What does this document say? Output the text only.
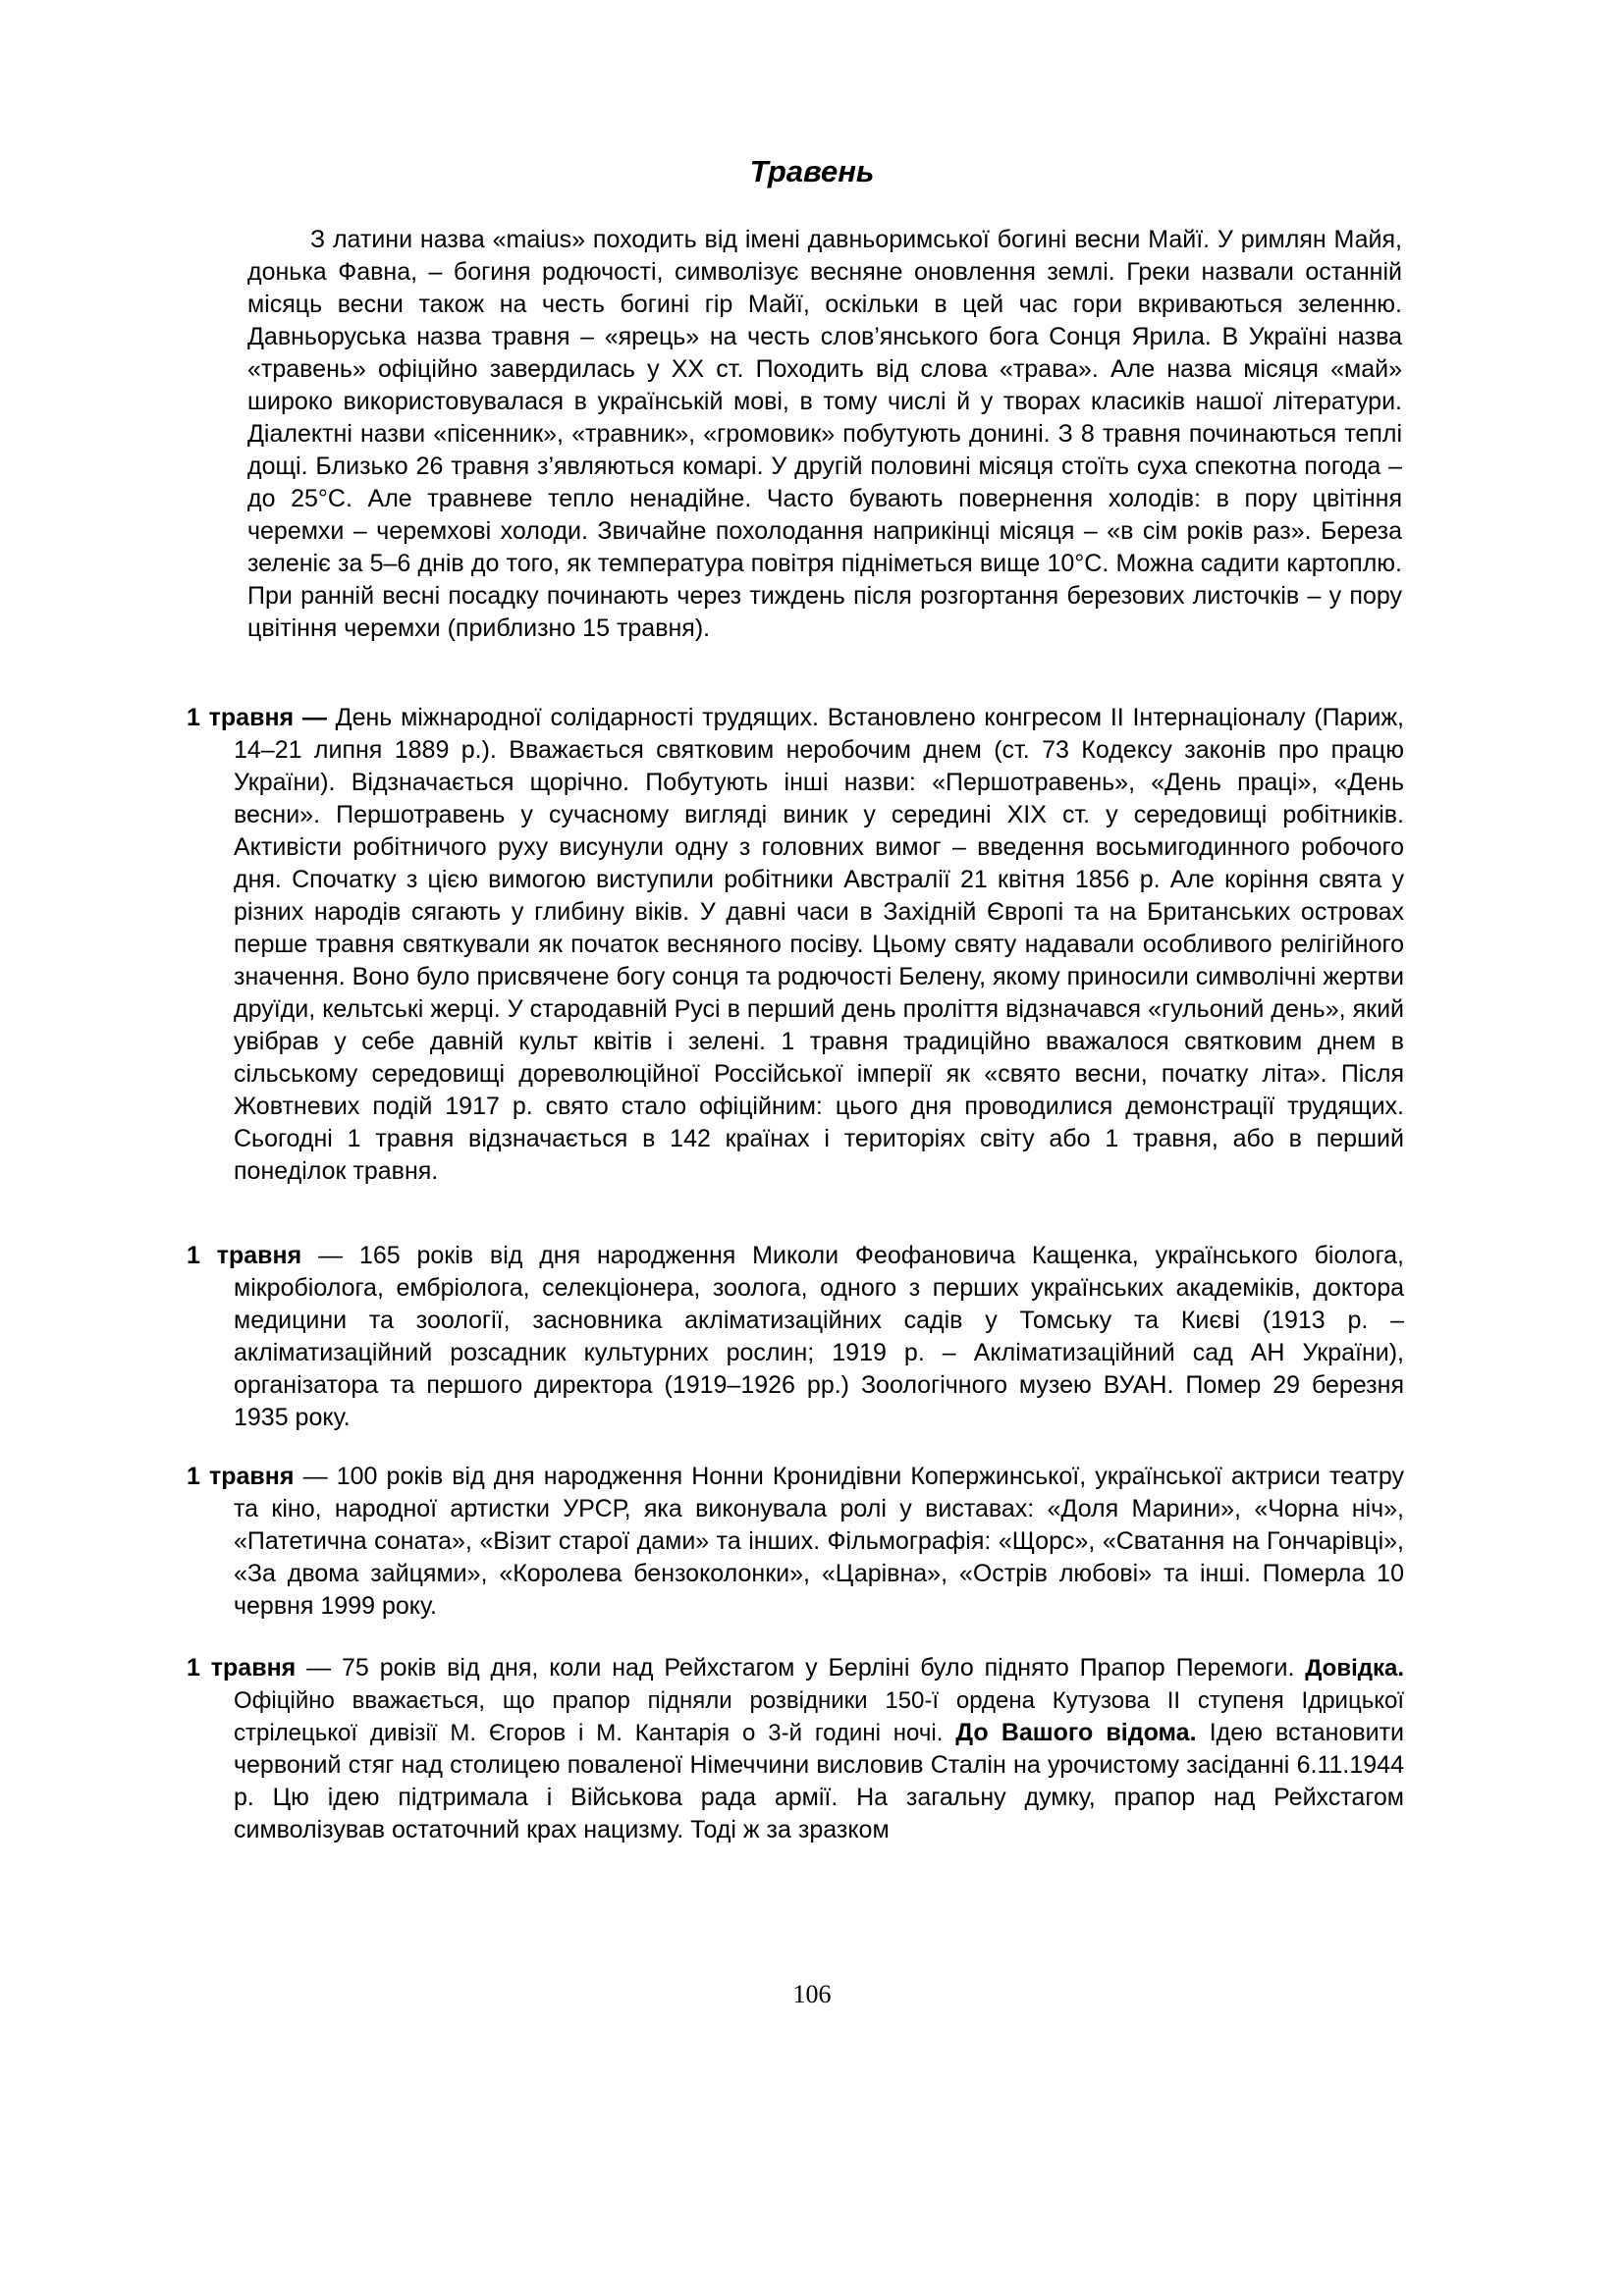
Травень

З латини назва «maius» походить від імені давньоримської богині весни Майї. У римлян Майя, донька Фавна, – богиня родючості, символізує весняне оновлення землі. Греки назвали останній місяць весни також на честь богині гір Майї, оскільки в цей час гори вкриваються зеленню. Давньоруська назва травня – «ярець» на честь слов’янського бога Сонця Ярила. В Україні назва «травень» офіційно завердилась у ХХ ст. Походить від слова «трава». Але назва місяця «май» широко використовувалася в українській мові, в тому числі й у творах класиків нашої літератури. Діалектні назви «пісенник», «травник», «громовик» побутують донині. З 8 травня починаються теплі дощі. Близько 26 травня з’являються комарі. У другій половині місяця стоїть суха спекотна погода – до 25°С. Але травневе тепло ненадійне. Часто бувають повернення холодів: в пору цвітіння черемхи – черемхові холоди. Звичайне похолодання наприкінці місяця – «в сім років раз». Береза зеленіє за 5–6 днів до того, як температура повітря підніметься вище 10°С. Можна садити картоплю. При ранній весні посадку починають через тиждень після розгортання березових листочків – у пору цвітіння черемхи (приблизно 15 травня).

1 травня — День міжнародної солідарності трудящих. Встановлено конгресом ІІ Інтернаціоналу (Париж, 14–21 липня 1889 р.). Вважається святковим неробочим днем (ст. 73 Кодексу законів про працю України). Відзначається щорічно. Побутують інші назви: «Першотравень», «День праці», «День весни». Першотравень у сучасному вигляді виник у середині ХІХ ст. у середовищі робітників. Активісти робітничого руху висунули одну з головних вимог – введення восьмигодинного робочого дня. Спочатку з цією вимогою виступили робітники Австралії 21 квітня 1856 р. Але коріння свята у різних народів сягають у глибину віків. У давні часи в Західній Європі та на Британських островах перше травня святкували як початок весняного посіву. Цьому святу надавали особливого релігійного значення. Воно було присвячене богу сонця та родючості Белену, якому приносили символічні жертви друїди, кельтські жерці. У стародавній Русі в перший день проліття відзначався «гульоний день», який увібрав у себе давній культ квітів і зелені. 1 травня традиційно вважалося святковим днем в сільському середовищі дореволюційної Россійської імперії як «свято весни, початку літа». Після Жовтневих подій 1917 р. свято стало офіційним: цього дня проводилися демонстрації трудящих. Сьогодні 1 травня відзначається в 142 країнах і територіях світу або 1 травня, або в перший понеділок травня.

1 травня — 165 років від дня народження Миколи Феофановича Кащенка, українського біолога, мікробіолога, ембріолога, селекціонера, зоолога, одного з перших українських академіків, доктора медицини та зоології, засновника акліматизаційних садів у Томську та Києві (1913 р. – акліматизаційний розсадник культурних рослин; 1919 р. – Акліматизаційний сад АН України), організатора та першого директора (1919–1926 рр.) Зоологічного музею ВУАН. Помер 29 березня 1935 року.

1 травня — 100 років від дня народження Нонни Кронидівни Копержинської, української актриси театру та кіно, народної артистки УРСР, яка виконувала ролі у виставах: «Доля Марини», «Чорна ніч», «Патетична соната», «Візит старої дами» та інших. Фільмографія: «Щорс», «Сватання на Гончарівці», «За двома зайцями», «Королева бензоколонки», «Царівна», «Острів любові» та інші. Померла 10 червня 1999 року.

1 травня — 75 років від дня, коли над Рейхстагом у Берліні було піднято Прапор Перемоги. Довідка. Офіційно вважається, що прапор підняли розвідники 150-ї ордена Кутузова ІІ ступеня Ідрицької стрілецької дивізії М. Єгоров і М. Кантарія о 3-й годині ночі. До Вашого відома. Ідею встановити червоний стяг над столицею поваленої Німеччини висловив Сталін на урочистому засіданні 6.11.1944 р. Цю ідею підтримала і Військова рада армії. На загальну думку, прапор над Рейхстагом символізував остаточний крах нацизму. Тоді ж за зразком

106
